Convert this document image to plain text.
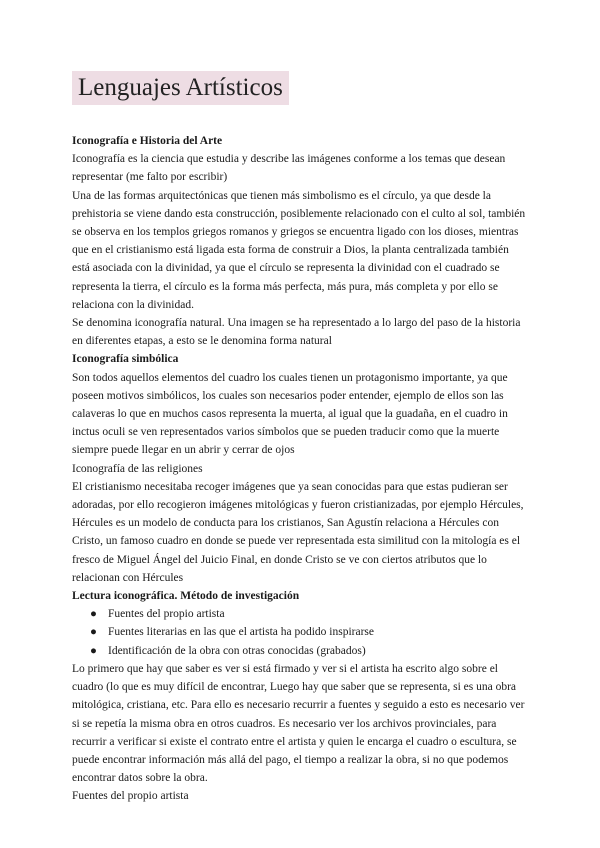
Lenguajes Artísticos

Iconografía e Historia del Arte

Iconografía es la ciencia que estudia y describe las imágenes conforme a los temas que desean representar (me falto por escribir)

Una de las formas arquitectónicas que tienen más simbolismo es el círculo, ya que desde la prehistoria se viene dando esta construcción, posiblemente relacionado con el culto al sol, también se observa en los templos griegos romanos y griegos se encuentra ligado con los dioses, mientras que en el cristianismo está ligada esta forma de construir a Dios, la planta centralizada también está asociada con la divinidad, ya que el círculo se representa la divinidad con el cuadrado se representa la tierra, el círculo es la forma más perfecta, más pura, más completa y por ello se relaciona con la divinidad.

Se denomina iconografía natural. Una imagen se ha representado a lo largo del paso de la historia en diferentes etapas, a esto se le denomina forma natural

Iconografía simbólica

Son todos aquellos elementos del cuadro los cuales tienen un protagonismo importante, ya que poseen motivos simbólicos, los cuales son necesarios poder entender, ejemplo de ellos son las calaveras lo que en muchos casos representa la muerta, al igual que la guadaña, en el cuadro in inctus oculi se ven representados varios símbolos que se pueden traducir como que la muerte siempre puede llegar en un abrir y cerrar de ojos

Iconografía de las religiones

El cristianismo necesitaba recoger imágenes que ya sean conocidas para que estas pudieran ser adoradas, por ello recogieron imágenes mitológicas y fueron cristianizadas, por ejemplo Hércules, Hércules es un modelo de conducta para los cristianos, San Agustín relaciona a Hércules con Cristo, un famoso cuadro en donde se puede ver representada esta similitud con la mitología es el fresco de Miguel Ángel del Juicio Final, en donde Cristo se ve con ciertos atributos que lo relacionan con Hércules

Lectura iconográfica. Método de investigación

● Fuentes del propio artista
● Fuentes literarias en las que el artista ha podido inspirarse
● Identificación de la obra con otras conocidas (grabados)

Lo primero que hay que saber es ver si está firmado y ver si el artista ha escrito algo sobre el cuadro (lo que es muy difícil de encontrar, Luego hay que saber que se representa, si es una obra mitológica, cristiana, etc. Para ello es necesario recurrir a fuentes y seguido a esto es necesario ver si se repetía la misma obra en otros cuadros. Es necesario ver los archivos provinciales, para recurrir a verificar si existe el contrato entre el artista y quien le encarga el cuadro o escultura, se puede encontrar información más allá del pago, el tiempo a realizar la obra, si no que podemos encontrar datos sobre la obra.

Fuentes del propio artista
